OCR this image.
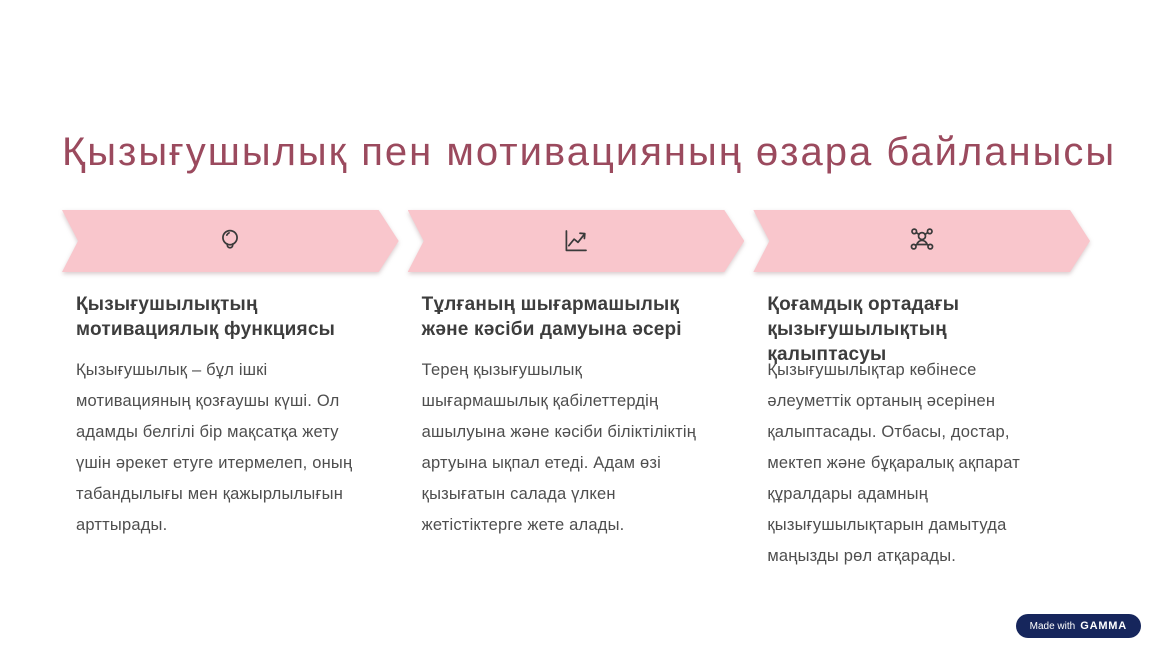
Қызығушылық пен мотивацияның өзара байланысы
Қызығушылықтың мотивациялық функциясы

Қызығушылық – бұл ішкі мотивацияның қозғаушы күші. Ол адамды белгілі бір мақсатқа жету үшін әрекет етуге итермелеп, оның табандылығы мен қажырлылығын арттырады.

Тұлғаның шығармашылық және кәсіби дамуына әсері

Терең қызығушылық шығармашылық қабілеттердің ашылуына және кәсіби біліктіліктің артуына ықпал етеді. Адам өзі қызығатын салада үлкен жетістіктерге жете алады.

Қоғамдық ортадағы қызығушылықтың қалыптасуы

Қызығушылықтар көбінесе әлеуметтік ортаның әсерінен қалыптасады. Отбасы, достар, мектеп және бұқаралық ақпарат құралдары адамның қызығушылықтарын дамытуда маңызды рөл атқарады.

Made with GAMMA
